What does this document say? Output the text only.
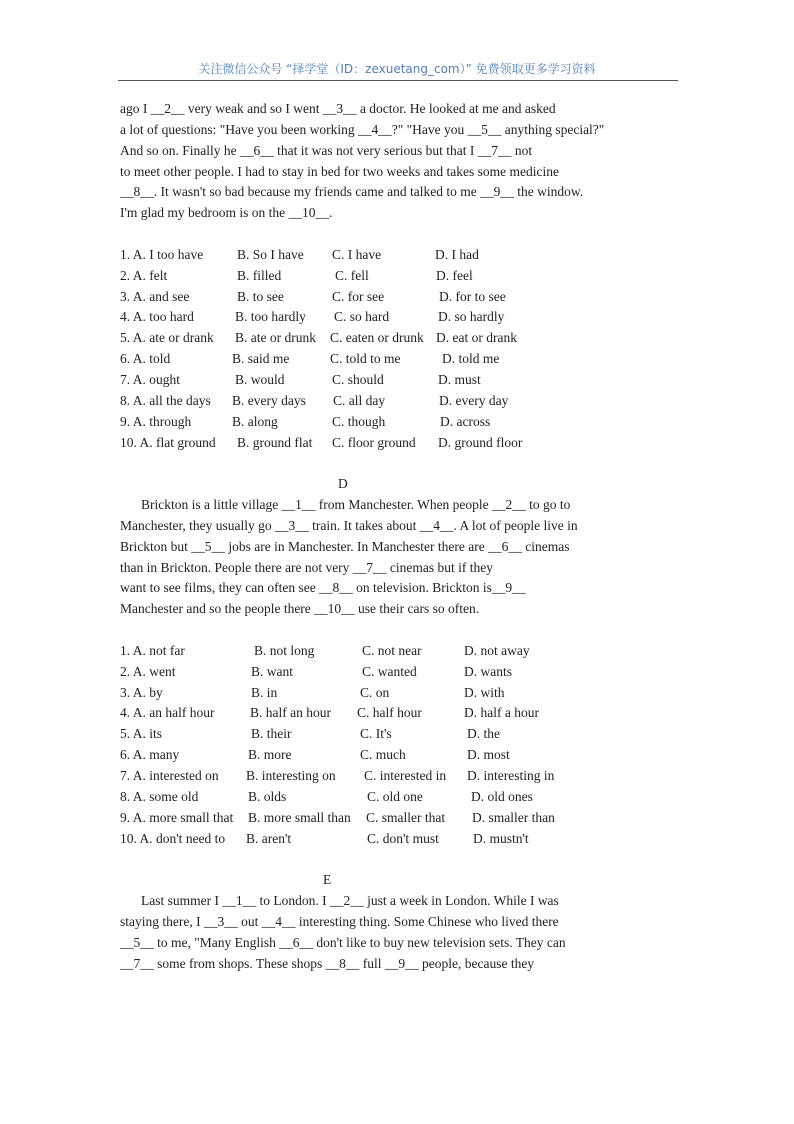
关注微信公众号 “择学堂（ID：zexuetang_com）” 免费领取更多学习资料
ago I __2__ very weak and so I went __3__ a doctor. He looked at me and asked
a lot of questions: "Have you been working __4__?" "Have you __5__ anything special?"
And so on. Finally he __6__ that it was not very serious but that I __7__ not
to meet other people. I had to stay in bed for two weeks and takes some medicine
__8__. It wasn't so bad because my friends came and talked to me __9__ the window.
I'm glad my bedroom is on the __10__.
1. A. I too have	B. So I have C. I have	D. I had
2. A. felt	B. filled	C. fell	D. feel
3. A. and see	B. to see	C. for see	D. for to see
4. A. too hard	B. too hardly C. so hard	D. so hardly
5. A. ate or drank B. ate or drunk C. eaten or drunk D. eat or drank
6. A. told	B. said me	C. told to me	D. told me
7. A. ought	B. would	C. should	D. must
8. A. all the days B. every days C. all day	D. every day
9. A. through	B. along	C. though	D. across
10. A. flat ground B. ground flat C. floor ground D. ground floor
D
Brickton is a little village __1__ from Manchester. When people __2__ to go to
Manchester, they usually go __3__ train. It takes about __4__. A lot of people live in
Brickton but __5__ jobs are in Manchester. In Manchester there are __6__ cinemas
than in Brickton. People there are not very __7__ cinemas but if they
want to see films, they can often see __8__ on television. Brickton is__9__
Manchester and so the people there __10__ use their cars so often.
1. A. not far	B. not long	C. not near	D. not away
2. A. went	B. want	C. wanted	D. wants
3. A. by	B. in	C. on	D. with
4. A. an half hour	B. half an hour C. half hour	D. half a hour
5. A. its	B. their	C. It's	D. the
6. A. many	B. more	C. much	D. most
7. A. interested on B. interesting on C. interested in D. interesting in
8. A. some old	B. olds	C. old one	D. old ones
9. A. more small that B. more small than C. smaller that D. smaller than
10. A. don't need to B. aren't	C. don't must	D. mustn't
E
Last summer I __1__ to London. I __2__ just a week in London. While I was
staying there, I __3__ out __4__ interesting thing. Some Chinese who lived there
__5__ to me, "Many English __6__ don't like to buy new television sets. They can
__7__ some from shops. These shops __8__ full __9__ people, because they
